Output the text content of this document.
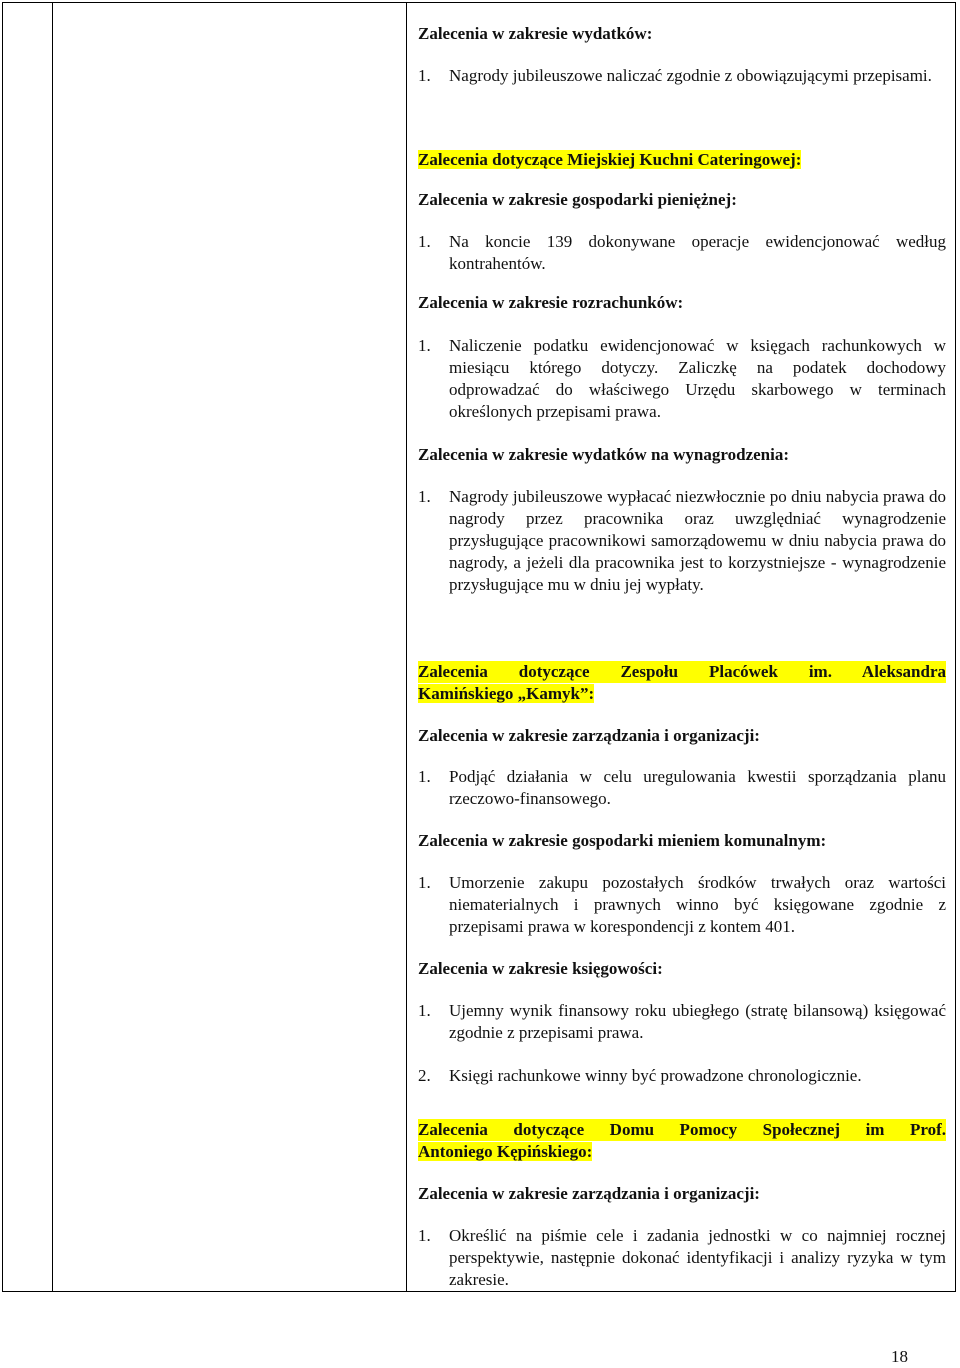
Zalecenia w zakresie wydatków:
1.	Nagrody jubileuszowe naliczać zgodnie z obowiązującymi przepisami.
Zalecenia dotyczące Miejskiej Kuchni Cateringowej:
Zalecenia w zakresie gospodarki pieniężnej:
1.	Na koncie 139 dokonywane operacje ewidencjonować według kontrahentów.
Zalecenia w zakresie rozrachunków:
1.	Naliczenie podatku ewidencjonować w księgach rachunkowych w miesiącu którego dotyczy. Zaliczkę na podatek dochodowy odprowadzać do właściwego Urzędu skarbowego w terminach określonych przepisami prawa.
Zalecenia w zakresie wydatków na wynagrodzenia:
1.	Nagrody jubileuszowe wypłacać niezwłocznie po dniu nabycia prawa do nagrody przez pracownika oraz uwzględniać wynagrodzenie przysługujące pracownikowi samorządowemu w dniu nabycia prawa do nagrody, a jeżeli dla pracownika jest to korzystniejsze - wynagrodzenie przysługujące mu w dniu jej wypłaty.
Zalecenia dotyczące Zespołu Placówek im. Aleksandra
Kamińskiego „Kamyk”:
Zalecenia w zakresie zarządzania i organizacji:
1.	Podjąć działania w celu uregulowania kwestii sporządzania planu rzeczowo-finansowego.
Zalecenia w zakresie gospodarki mieniem komunalnym:
1.	Umorzenie zakupu pozostałych środków trwałych oraz wartości niematerialnych i prawnych winno być księgowane zgodnie z przepisami prawa w korespondencji z kontem 401.
Zalecenia w zakresie księgowości:
1.	Ujemny wynik finansowy roku ubiegłego (stratę bilansową) księgować zgodnie z przepisami prawa.
2.	Księgi rachunkowe winny być prowadzone chronologicznie.
Zalecenia dotyczące Domu Pomocy Społecznej im Prof.
Antoniego Kępińskiego:
Zalecenia w zakresie zarządzania i organizacji:
1.	Określić na piśmie cele i zadania jednostki w co najmniej rocznej perspektywie, następnie dokonać identyfikacji i analizy ryzyka w tym zakresie.
18
